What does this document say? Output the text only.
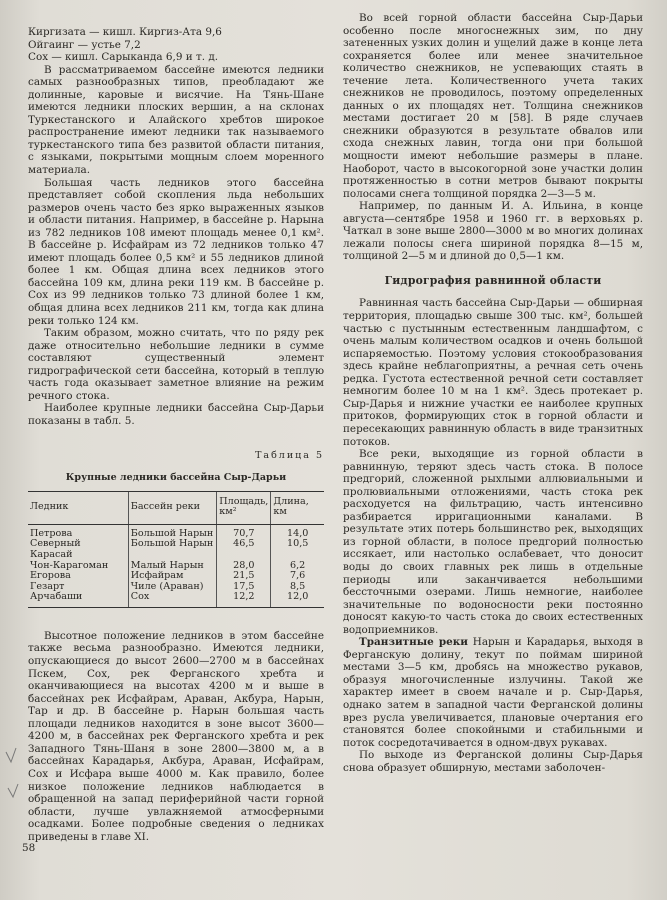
Киргизата — кишл. Киргиз-Ата 9,6

Ойгаинг — устье 7,2

Сох — кишл. Сарыканда 6,9 и т. д.

В рассматриваемом бассейне имеются ледники самых разнообразных типов, преобладают же долинные, каровые и висячие. На Тянь-Шане имеются ледники плоских вершин, а на склонах Туркестанского и Алайского хребтов широкое распространение имеют ледники так называемого туркестанского типа без развитой области питания, с языками, покрытыми мощным слоем моренного материала.

Большая часть ледников этого бассейна представляет собой скопления льда небольших размеров очень часто без ярко выраженных языков и области питания. Например, в бассейне р. Нарына из 782 ледников 108 имеют площадь менее 0,1 км². В бассейне р. Исфайрам из 72 ледников только 47 имеют площадь более 0,5 км² и 55 ледников длиной более 1 км. Общая длина всех ледников этого бассейна 109 км, длина реки 119 км. В бассейне р. Сох из 99 ледников только 73 длиной более 1 км, общая длина всех ледников 211 км, тогда как длина реки только 124 км.

Таким образом, можно считать, что по ряду рек даже относительно небольшие ледники в сумме составляют существенный элемент гидрографической сети бассейна, который в теплую часть года оказывает заметное влияние на режим речного стока.

Наиболее крупные ледники бассейна Сыр-Дарьи показаны в табл. 5.

Таблица 5
Крупные ледники бассейна Сыр-Дарьи
Ледник	Бассейн реки	Площадь, км²	Длина, км
Петрова	Большой Нарын	70,7	14,0
Северный Карасай	Большой Нарын	46,5	10,5
Чон-Карагоман	Малый Нарын	28,0	6,2
Егорова	Исфайрам	21,5	7,6
Гезарт	Чиле (Араван)	17,5	8,5
Арчабаши	Сох	12,2	12,0

Высотное положение ледников в этом бассейне также весьма разнообразно. Имеются ледники, опускающиеся до высот 2600—2700 м в бассейнах Пскем, Сох, рек Ферганского хребта и оканчивающиеся на высотах 4200 м и выше в бассейнах рек Исфайрам, Араван, Акбура, Нарын, Тар и др. В бассейне р. Нарын большая часть площади ледников находится в зоне высот 3600—4200 м, в бассейнах рек Ферганского хребта и рек Западного Тянь-Шаня в зоне 2800—3800 м, а в бассейнах Карадарья, Акбура, Араван, Исфайрам, Сох и Исфара выше 4000 м. Как правило, более низкое положение ледников наблюдается в обращенной на запад периферийной части горной области, лучше увлажняемой атмосферными осадками. Более подробные сведения о ледниках приведены в главе XI.

Во всей горной области бассейна Сыр-Дарьи особенно после многоснежных зим, по дну затененных узких долин и ущелий даже в конце лета сохраняется более или менее значительное количество снежников, не успевающих стаять в течение лета. Количественного учета таких снежников не проводилось, поэтому определенных данных о их площадях нет. Толщина снежников местами достигает 20 м [58]. В ряде случаев снежники образуются в результате обвалов или схода снежных лавин, тогда они при большой мощности имеют небольшие размеры в плане. Наоборот, часто в высокогорной зоне участки долин протяженностью в сотни метров бывают покрыты полосами снега толщиной порядка 2—3—5 м.

Например, по данным И. А. Ильина, в конце августа—сентябре 1958 и 1960 гг. в верховьях р. Чаткал в зоне выше 2800—3000 м во многих долинах лежали полосы снега шириной порядка 8—15 м, толщиной 2—5 м и длиной до 0,5—1 км.

Гидрография равнинной области

Равнинная часть бассейна Сыр-Дарьи — обширная территория, площадью свыше 300 тыс. км², большей частью с пустынным естественным ландшафтом, с очень малым количеством осадков и очень большой испаряемостью. Поэтому условия стокообразования здесь крайне неблагоприятны, а речная сеть очень редка. Густота естественной речной сети составляет немногим более 10 м на 1 км². Здесь протекает р. Сыр-Дарья и нижние участки ее наиболее крупных притоков, формирующих сток в горной области и пересекающих равнинную область в виде транзитных потоков.

Все реки, выходящие из горной области в равнинную, теряют здесь часть стока. В полосе предгорий, сложенной рыхлыми аллювиальными и пролювиальными отложениями, часть стока рек расходуется на фильтрацию, часть интенсивно разбирается ирригационными каналами. В результате этих потерь большинство рек, выходящих из горной области, в полосе предгорий полностью иссякает, или настолько ослабевает, что доносит воды до своих главных рек лишь в отдельные периоды или заканчивается небольшими бессточными озерами. Лишь немногие, наиболее значительные по водоносности реки постоянно доносят какую-то часть стока до своих естественных водоприемников.

Транзитные реки Нарын и Карадарья, выходя в Ферганскую долину, текут по поймам шириной местами 3—5 км, дробясь на множество рукавов, образуя многочисленные излучины. Такой же характер имеет в своем начале и р. Сыр-Дарья, однако затем в западной части Ферганской долины врез русла увеличивается, плановые очертания его становятся более спокойными и стабильными и поток сосредотачивается в одном-двух рукавах.

По выходе из Ферганской долины Сыр-Дарья снова образует обширную, местами заболочен-

58
